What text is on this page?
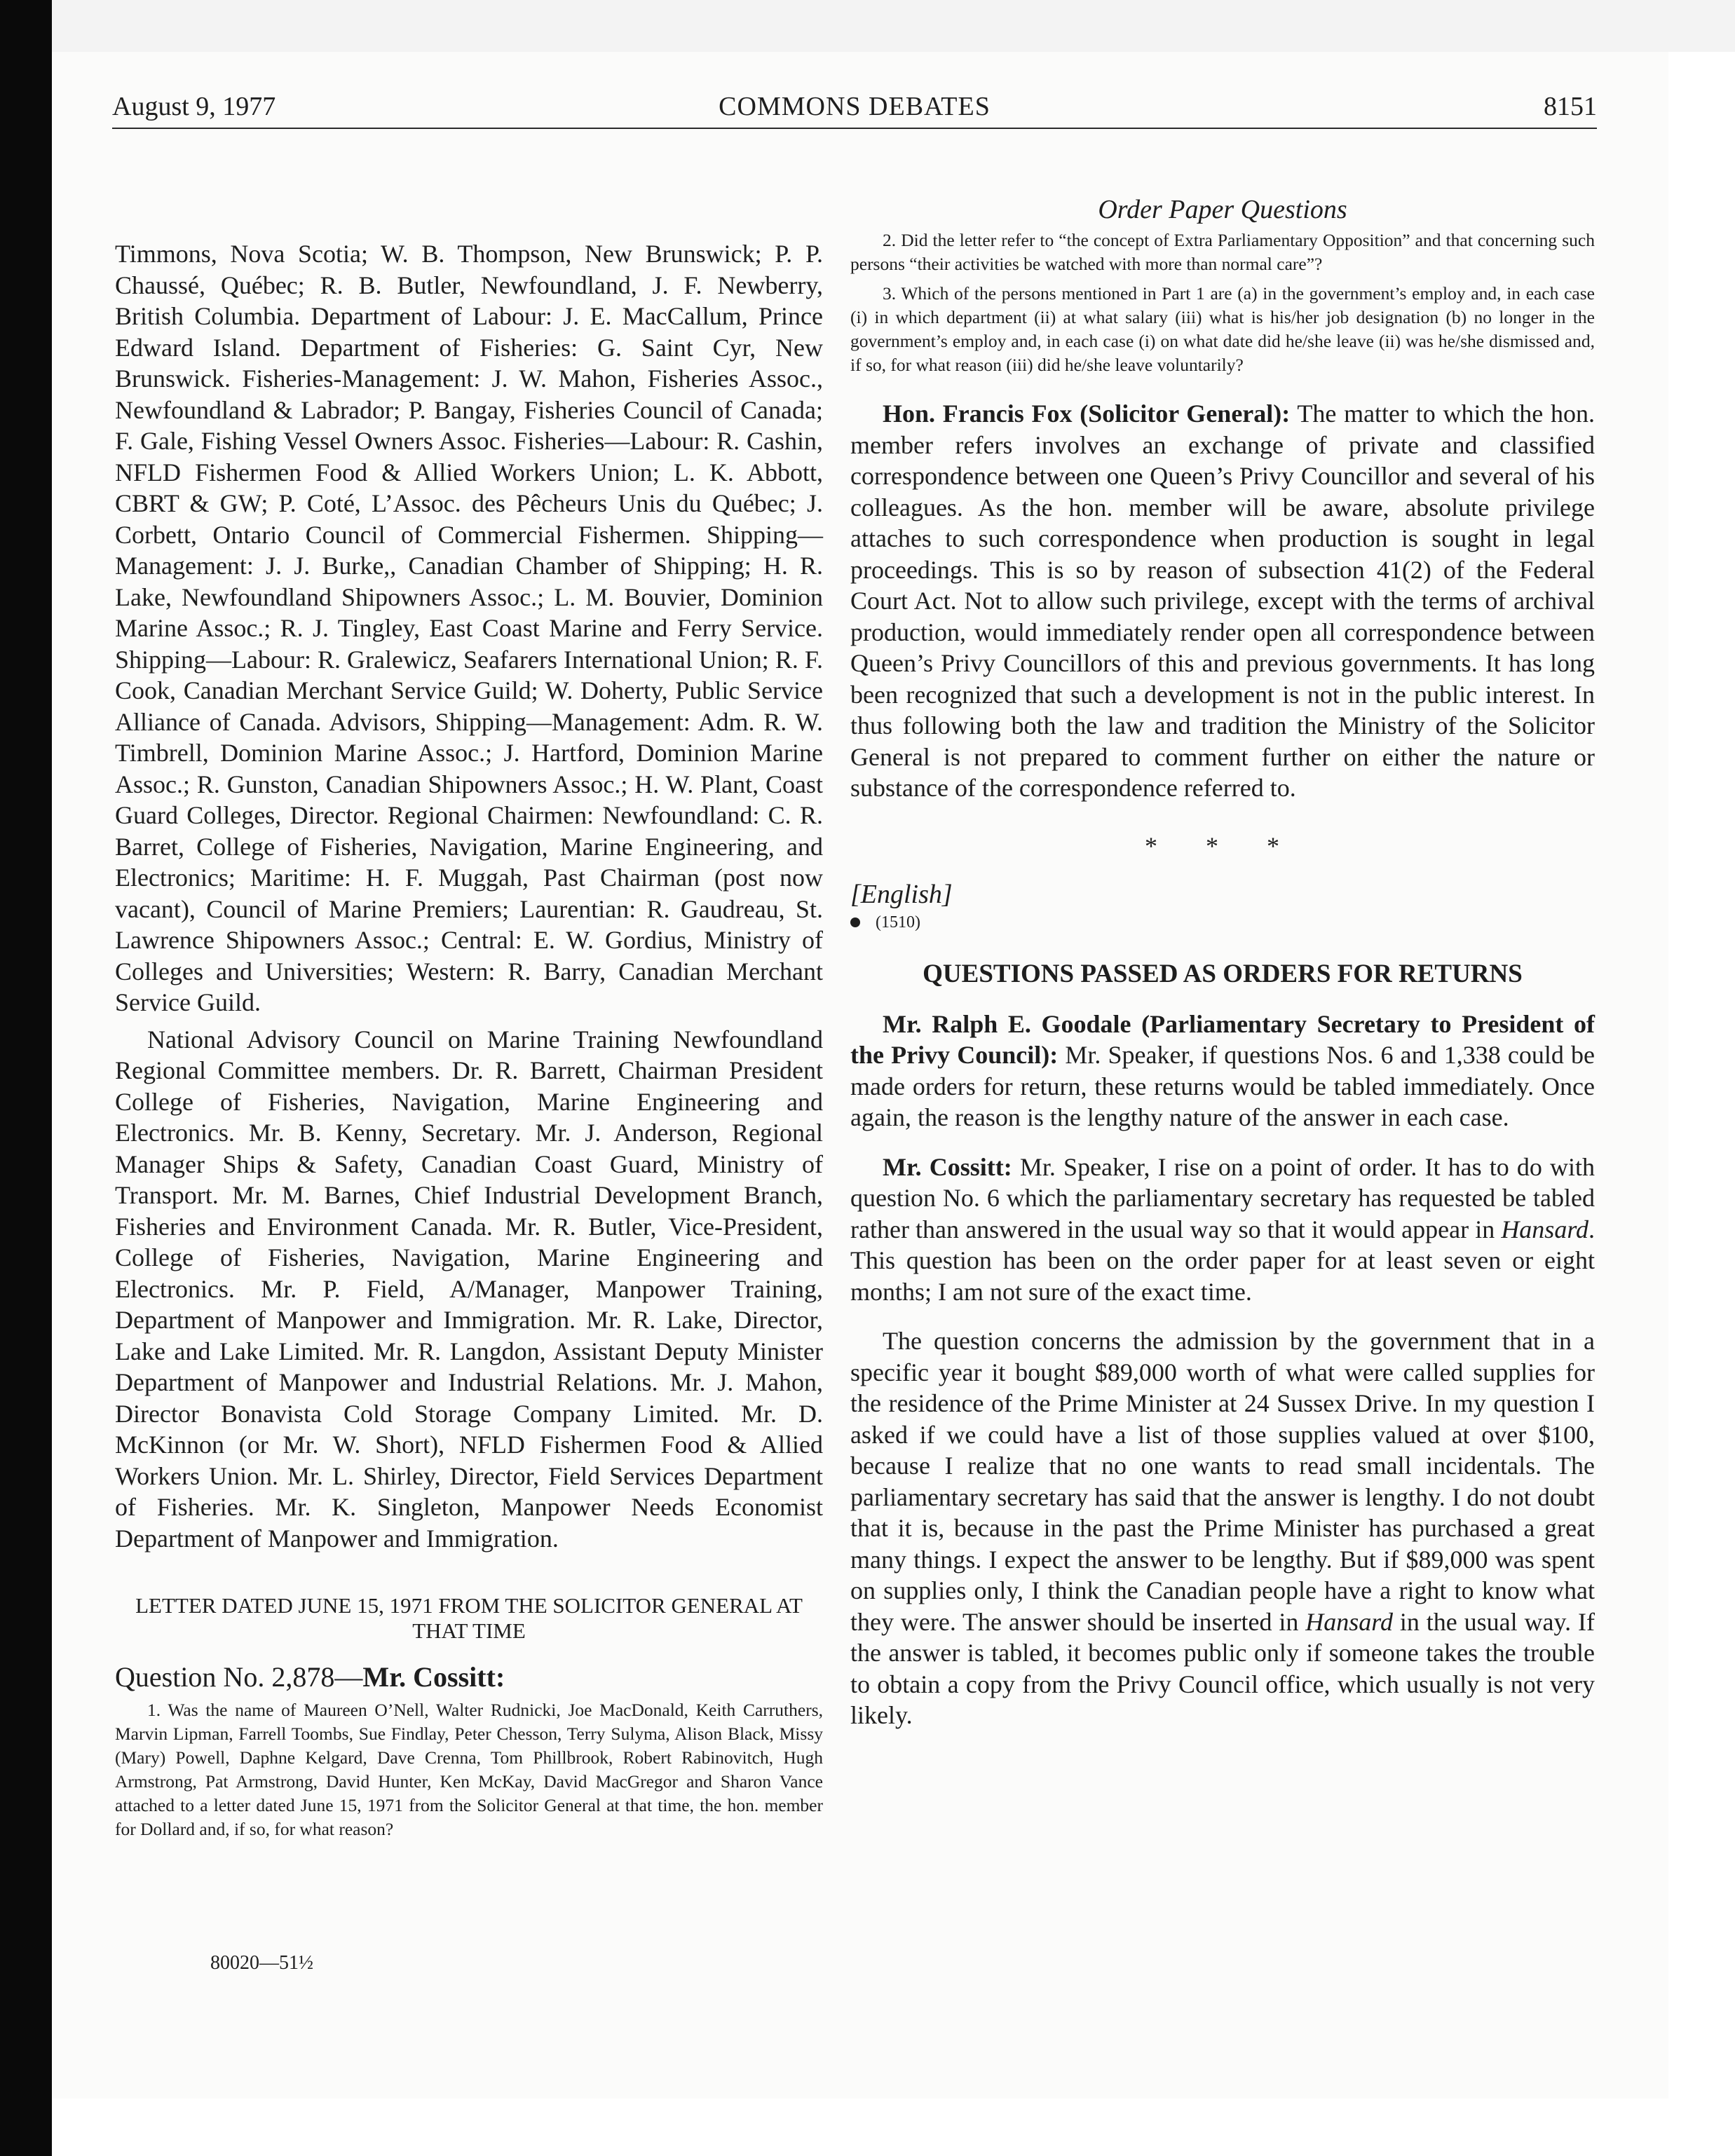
August 9, 1977	COMMONS DEBATES	8151

Timmons, Nova Scotia; W. B. Thompson, New Brunswick; P. P. Chaussé, Québec; R. B. Butler, Newfoundland, J. F. Newberry, British Columbia. Department of Labour: J. E. MacCallum, Prince Edward Island. Department of Fisheries: G. Saint Cyr, New Brunswick. Fisheries-Management: J. W. Mahon, Fisheries Assoc., Newfoundland & Labrador; P. Bangay, Fisheries Council of Canada; F. Gale, Fishing Vessel Owners Assoc. Fisheries—Labour: R. Cashin, NFLD Fishermen Food & Allied Workers Union; L. K. Abbott, CBRT & GW; P. Coté, L’Assoc. des Pêcheurs Unis du Québec; J. Corbett, Ontario Council of Commercial Fishermen. Shipping—Management: J. J. Burke,, Canadian Chamber of Shipping; H. R. Lake, Newfoundland Shipowners Assoc.; L. M. Bouvier, Dominion Marine Assoc.; R. J. Tingley, East Coast Marine and Ferry Service. Shipping—Labour: R. Gralewicz, Seafarers International Union; R. F. Cook, Canadian Merchant Service Guild; W. Doherty, Public Service Alliance of Canada. Advisors, Shipping—Management: Adm. R. W. Timbrell, Dominion Marine Assoc.; J. Hartford, Dominion Marine Assoc.; R. Gunston, Canadian Shipowners Assoc.; H. W. Plant, Coast Guard Colleges, Director. Regional Chairmen: Newfoundland: C. R. Barret, College of Fisheries, Navigation, Marine Engineering, and Electronics; Maritime: H. F. Muggah, Past Chairman (post now vacant), Council of Marine Premiers; Laurentian: R. Gaudreau, St. Lawrence Shipowners Assoc.; Central: E. W. Gordius, Ministry of Colleges and Universities; Western: R. Barry, Canadian Merchant Service Guild.

National Advisory Council on Marine Training Newfoundland Regional Committee members. Dr. R. Barrett, Chairman President College of Fisheries, Navigation, Marine Engineering and Electronics. Mr. B. Kenny, Secretary. Mr. J. Anderson, Regional Manager Ships & Safety, Canadian Coast Guard, Ministry of Transport. Mr. M. Barnes, Chief Industrial Development Branch, Fisheries and Environment Canada. Mr. R. Butler, Vice-President, College of Fisheries, Navigation, Marine Engineering and Electronics. Mr. P. Field, A/Manager, Manpower Training, Department of Manpower and Immigration. Mr. R. Lake, Director, Lake and Lake Limited. Mr. R. Langdon, Assistant Deputy Minister Department of Manpower and Industrial Relations. Mr. J. Mahon, Director Bonavista Cold Storage Company Limited. Mr. D. McKinnon (or Mr. W. Short), NFLD Fishermen Food & Allied Workers Union. Mr. L. Shirley, Director, Field Services Department of Fisheries. Mr. K. Singleton, Manpower Needs Economist Department of Manpower and Immigration.

LETTER DATED JUNE 15, 1971 FROM THE SOLICITOR GENERAL AT THAT TIME

Question No. 2,878—Mr. Cossitt:

1. Was the name of Maureen O’Nell, Walter Rudnicki, Joe MacDonald, Keith Carruthers, Marvin Lipman, Farrell Toombs, Sue Findlay, Peter Chesson, Terry Sulyma, Alison Black, Missy (Mary) Powell, Daphne Kelgard, Dave Crenna, Tom Phillbrook, Robert Rabinovitch, Hugh Armstrong, Pat Armstrong, David Hunter, Ken McKay, David MacGregor and Sharon Vance attached to a letter dated June 15, 1971 from the Solicitor General at that time, the hon. member for Dollard and, if so, for what reason?

80020—51½

Order Paper Questions

2. Did the letter refer to “the concept of Extra Parliamentary Opposition” and that concerning such persons “their activities be watched with more than normal care”?

3. Which of the persons mentioned in Part 1 are (a) in the government’s employ and, in each case (i) in which department (ii) at what salary (iii) what is his/her job designation (b) no longer in the government’s employ and, in each case (i) on what date did he/she leave (ii) was he/she dismissed and, if so, for what reason (iii) did he/she leave voluntarily?

Hon. Francis Fox (Solicitor General): The matter to which the hon. member refers involves an exchange of private and classified correspondence between one Queen’s Privy Councillor and several of his colleagues. As the hon. member will be aware, absolute privilege attaches to such correspondence when production is sought in legal proceedings. This is so by reason of subsection 41(2) of the Federal Court Act. Not to allow such privilege, except with the terms of archival production, would immediately render open all correspondence between Queen’s Privy Councillors of this and previous governments. It has long been recognized that such a development is not in the public interest. In thus following both the law and tradition the Ministry of the Solicitor General is not prepared to comment further on either the nature or substance of the correspondence referred to.

* * *

[English]

(1510)

QUESTIONS PASSED AS ORDERS FOR RETURNS

Mr. Ralph E. Goodale (Parliamentary Secretary to President of the Privy Council): Mr. Speaker, if questions Nos. 6 and 1,338 could be made orders for return, these returns would be tabled immediately. Once again, the reason is the lengthy nature of the answer in each case.

Mr. Cossitt: Mr. Speaker, I rise on a point of order. It has to do with question No. 6 which the parliamentary secretary has requested be tabled rather than answered in the usual way so that it would appear in Hansard. This question has been on the order paper for at least seven or eight months; I am not sure of the exact time.

The question concerns the admission by the government that in a specific year it bought $89,000 worth of what were called supplies for the residence of the Prime Minister at 24 Sussex Drive. In my question I asked if we could have a list of those supplies valued at over $100, because I realize that no one wants to read small incidentals. The parliamentary secretary has said that the answer is lengthy. I do not doubt that it is, because in the past the Prime Minister has purchased a great many things. I expect the answer to be lengthy. But if $89,000 was spent on supplies only, I think the Canadian people have a right to know what they were. The answer should be inserted in Hansard in the usual way. If the answer is tabled, it becomes public only if someone takes the trouble to obtain a copy from the Privy Council office, which usually is not very likely.
